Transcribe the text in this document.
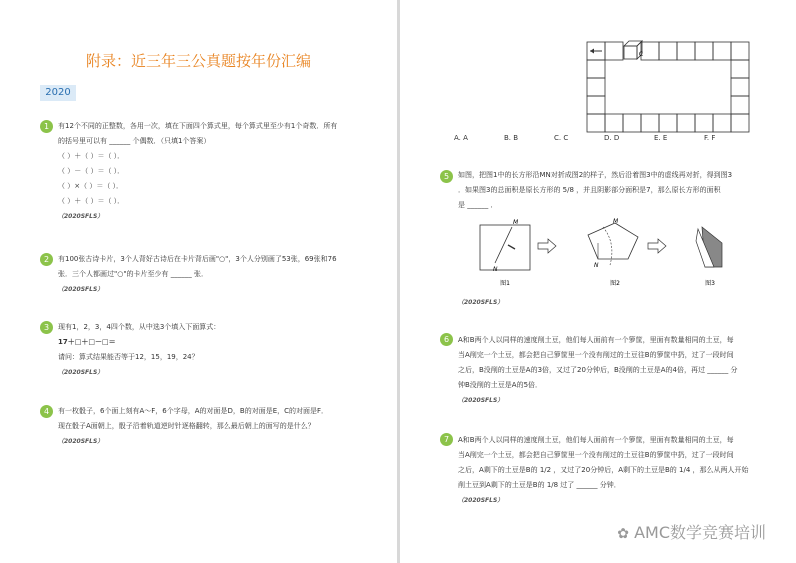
附录：近三年三公真题按年份汇编
2020
1	有12个不同的正整数，各用一次，填在下面四个算式里，每个算式里至少有1个奇数．所有
的括号里可以有 ______ 个偶数．（只填1个答案）
（ ）＋（ ）＝（ ）．
（ ）－（ ）＝（ ）．
（ ）×（ ）＝（ ）．
（ ）＋（ ）＝（ ）．
（2020SFLS）
2	有100张古诗卡片，3个人背好古诗后在卡片背后画"○"，3个人分别画了53张，69张和76
张．三个人都画过"○"的卡片至少有 ______ 张．
（2020SFLS）
3	现有1，2，3，4四个数，从中选3个填入下面算式：
17＋□＋□－□＝
请问：算式结果能否等于12，15，19，24？
（2020SFLS）
4	有一枚骰子，6个面上刻有A～F，6个字母，A的对面是D，B的对面是E，C的对面是F．
现在骰子A面朝上，骰子沿着轨道逆时针逐格翻转，那么最后朝上的面写的是什么？
（2020SFLS）
C
A. A	B. B	C. C	D. D	E. E	F. F
5	如图，把图1中的长方形沿MN对折成图2的样子，然后沿着图3中的虚线再对折，得到图3
．如果图3的总面积是原长方形的 5/8 ，并且阴影部分面积是7，那么原长方形的面积
是 ______ ．
M
N
N
M
图1	图2	图3
（2020SFLS）
6	A和B两个人以同样的速度削土豆，他们每人面前有一个箩筐，里面有数量相同的土豆，每
当A削完一个土豆，都会把自己箩筐里一个没有削过的土豆往B的箩筐中扔，过了一段时间
之后，B没削的土豆是A的3倍，又过了20分钟后，B没削的土豆是A的4倍，再过 ______ 分
钟B没削的土豆是A的5倍．
（2020SFLS）
7	A和B两个人以同样的速度削土豆，他们每人面前有一个箩筐，里面有数量相同的土豆，每
当A削完一个土豆，都会把自己箩筐里一个没有削过的土豆往B的箩筐中扔，过了一段时间
之后，A剩下的土豆是B的 1/2 ，又过了20分钟后，A剩下的土豆是B的 1/4 ，那么从两人开始
削土豆到A剩下的土豆是B的 1/8 过了 ______ 分钟．
（2020SFLS）
✿ AMC数学竞赛培训
